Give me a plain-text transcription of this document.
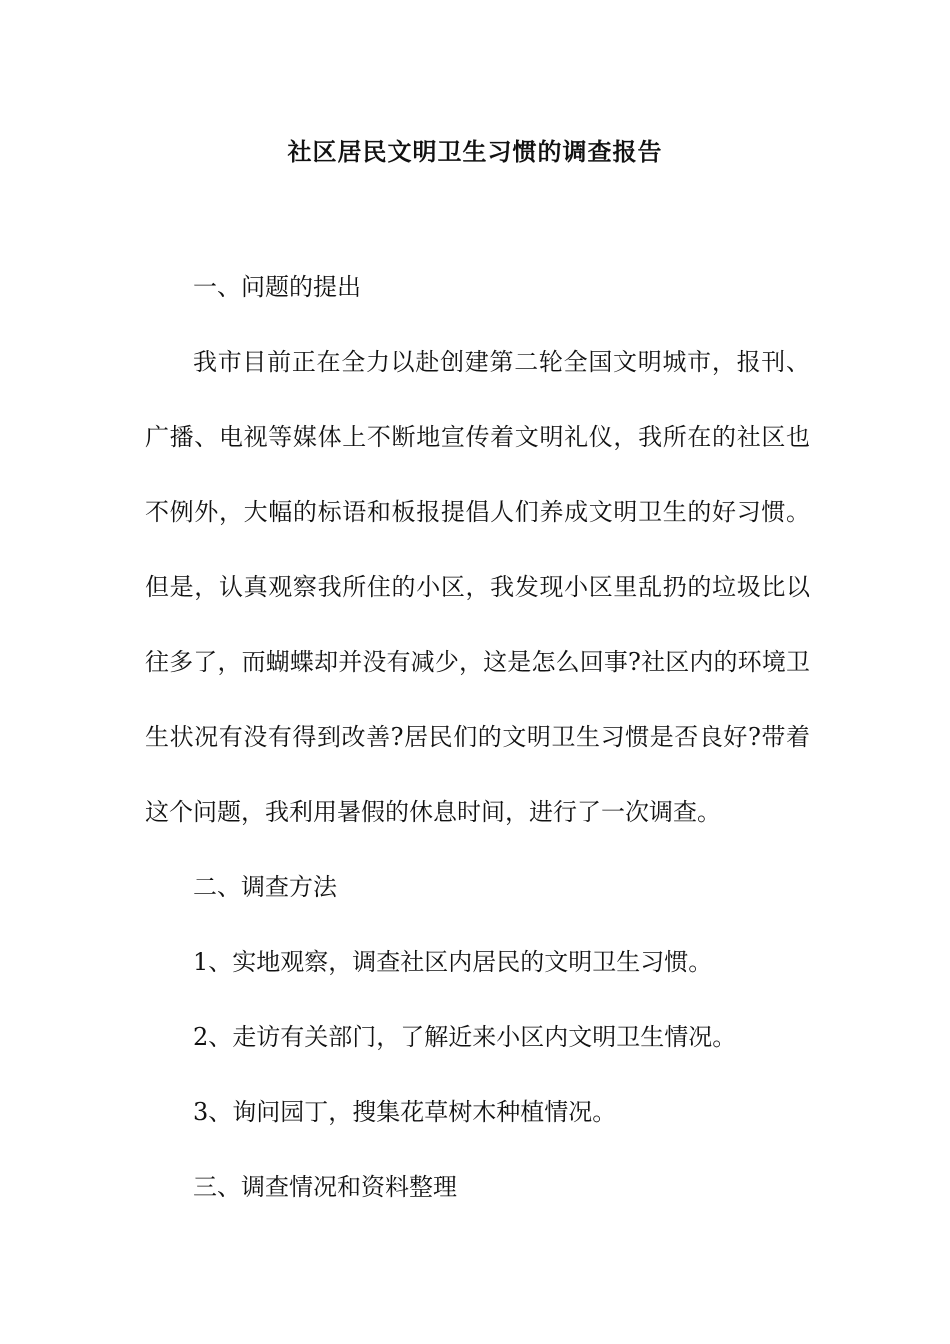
社区居民文明卫生习惯的调查报告

一、问题的提出

我市目前正在全力以赴创建第二轮全国文明城市，报刊、广播、电视等媒体上不断地宣传着文明礼仪，我所在的社区也不例外，大幅的标语和板报提倡人们养成文明卫生的好习惯。但是，认真观察我所住的小区，我发现小区里乱扔的垃圾比以往多了，而蝴蝶却并没有减少，这是怎么回事?社区内的环境卫生状况有没有得到改善?居民们的文明卫生习惯是否良好?带着这个问题，我利用暑假的休息时间，进行了一次调查。

二、调查方法

1、实地观察，调查社区内居民的文明卫生习惯。

2、走访有关部门，了解近来小区内文明卫生情况。

3、询问园丁，搜集花草树木种植情况。

三、调查情况和资料整理
